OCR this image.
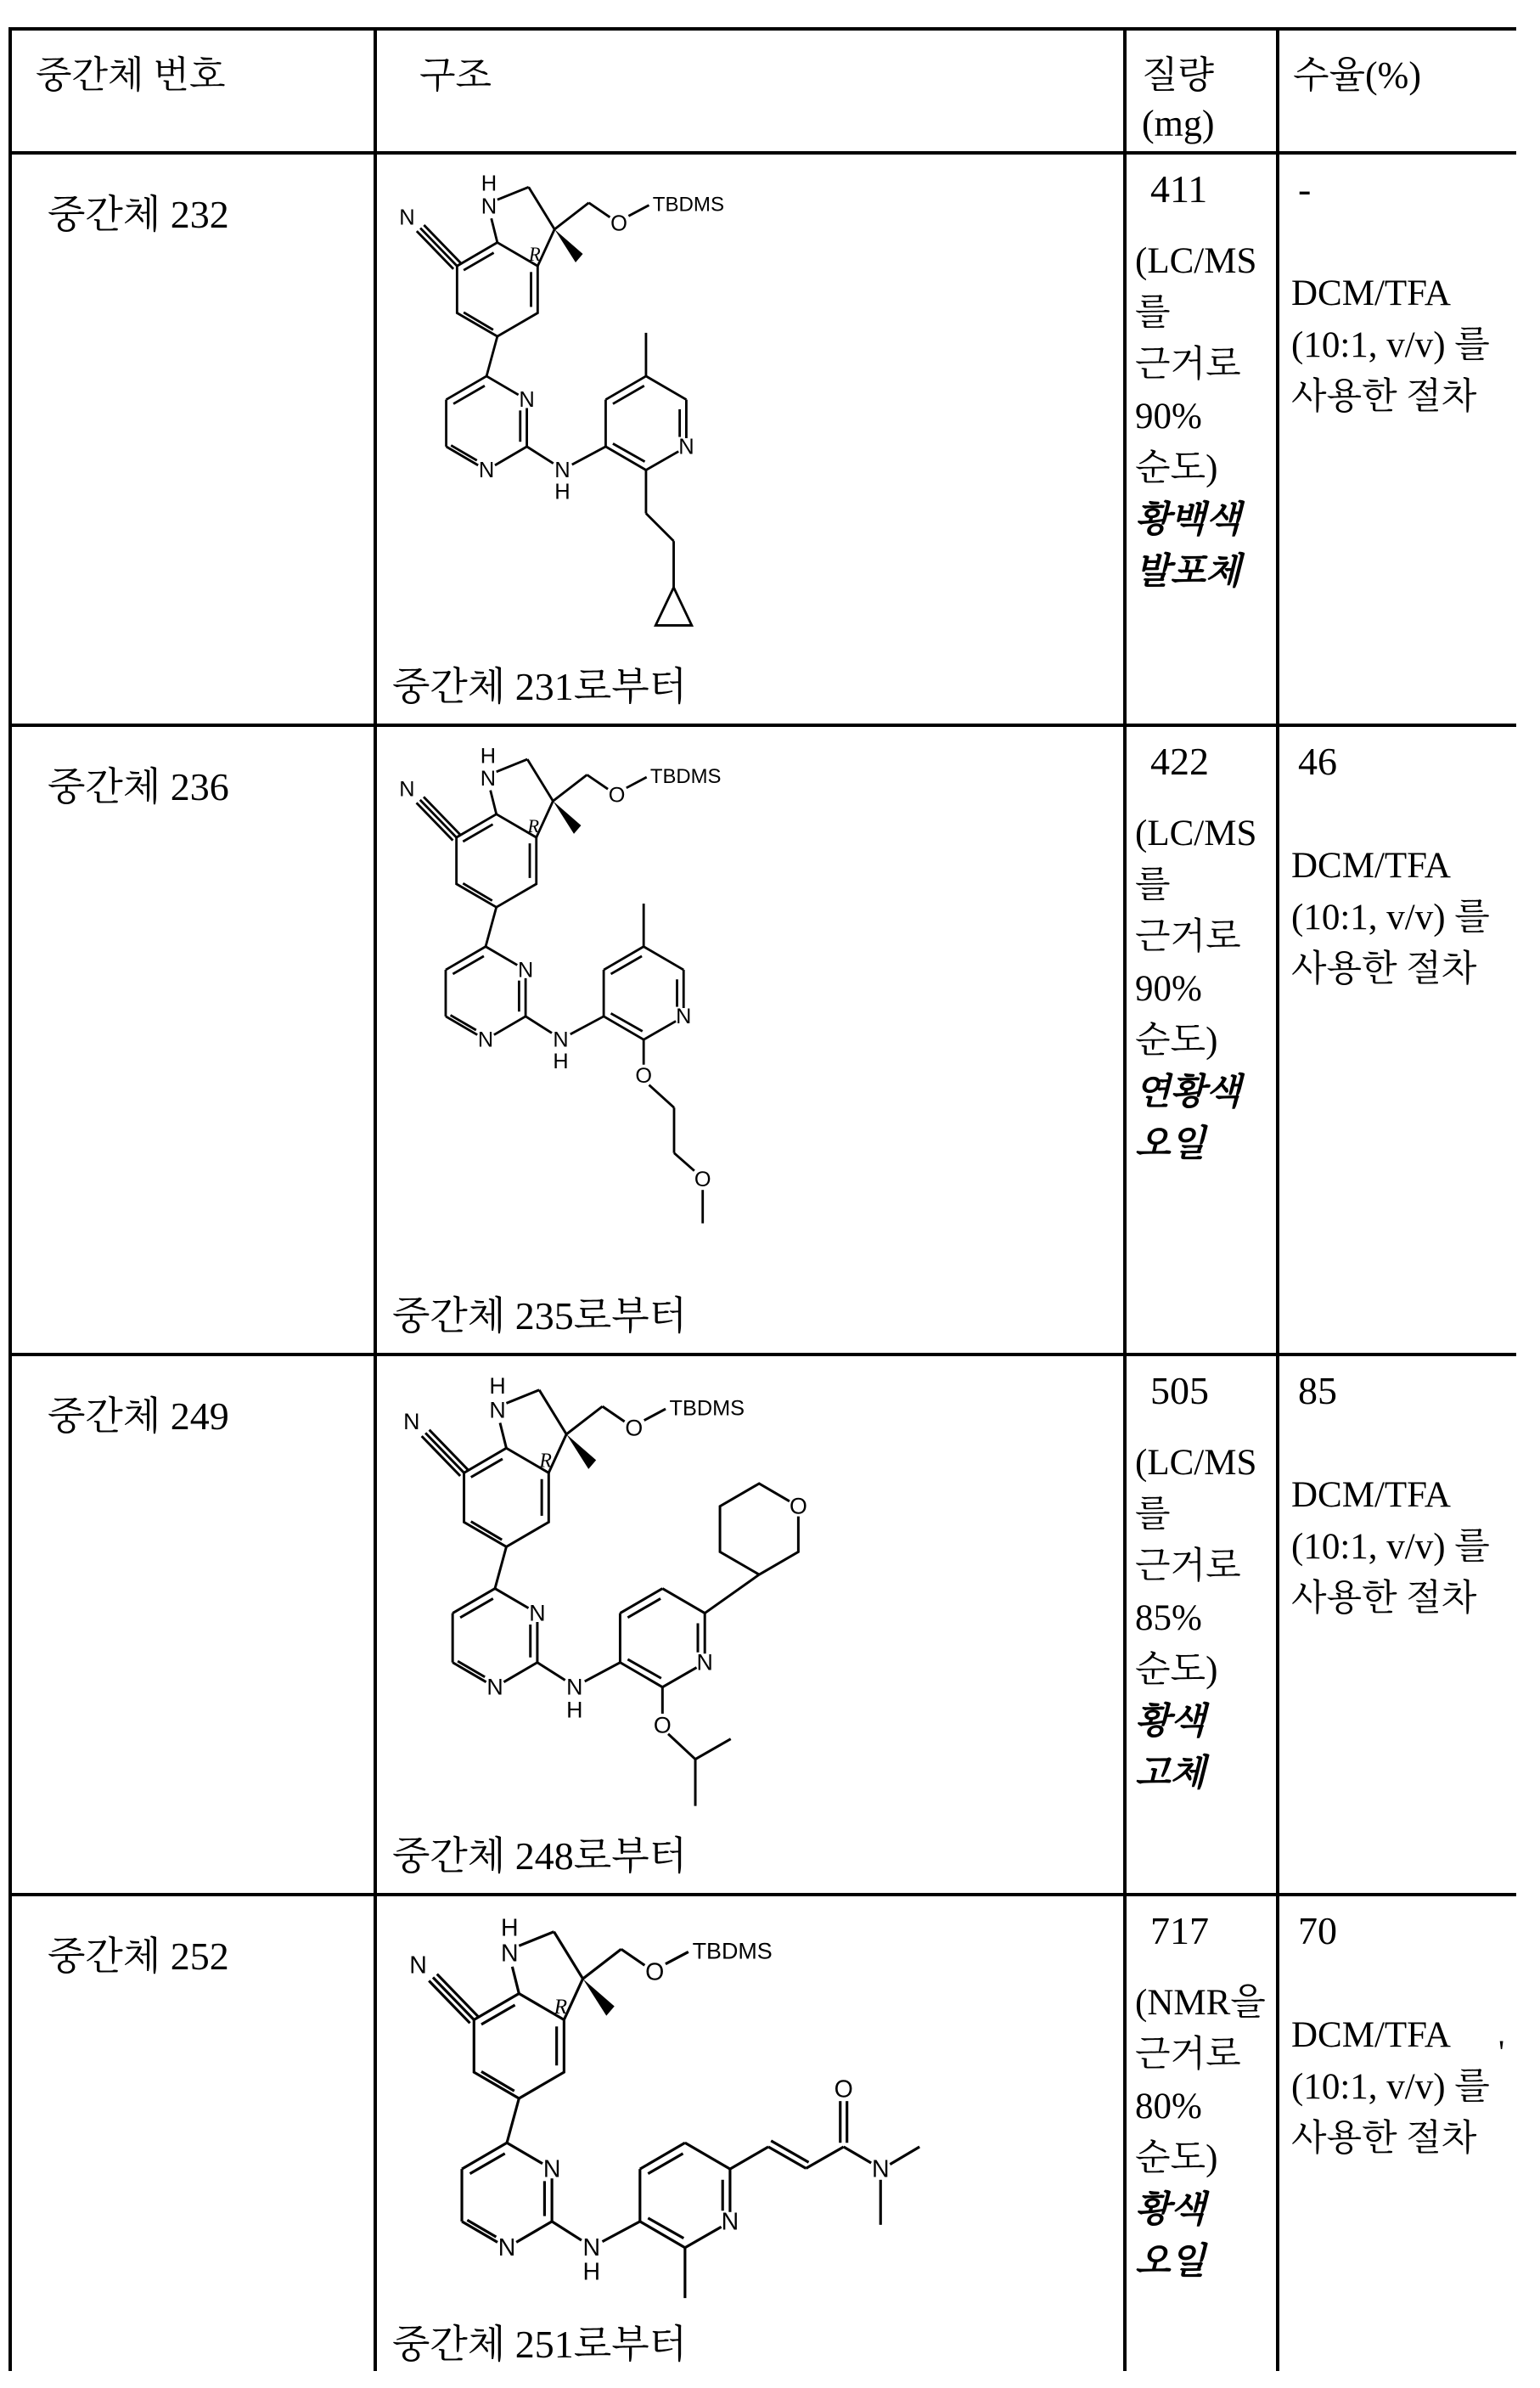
중간체 번호	구조	질량
(mg)
수율(%)
중간체 232
중간체 231로부터
411
(LC/MS 를 근거로 90% 순도)
황백색 발포체
-
DCM/TFA (10:1, v/v) 를 사용한 절차
중간체 236
O
O
중간체 235로부터
422
(LC/MS 를 근거로 90% 순도)
연황색 오일
46
DCM/TFA (10:1, v/v) 를 사용한 절차
중간체 249
O
O
중간체 248로부터
505
(LC/MS 를 근거로 85% 순도)
황색 고체
85
DCM/TFA (10:1, v/v) 를 사용한 절차
중간체 252
O
N
중간체 251로부터
717
(NMR을 근거로 80% 순도)
황색 오일
70
DCM/TFA (10:1, v/v) 를 사용한 절차
'
